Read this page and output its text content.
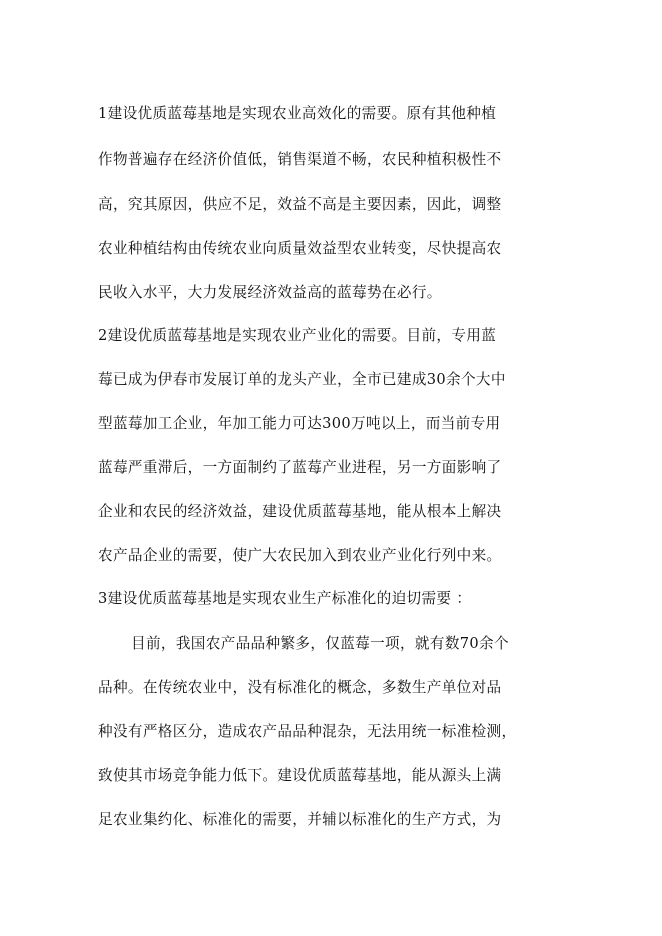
1建设优质蓝莓基地是实现农业高效化的需要。原有其他种植
作物普遍存在经济价值低，销售渠道不畅，农民种植积极性不
高，究其原因，供应不足，效益不高是主要因素，因此，调整
农业种植结构由传统农业向质量效益型农业转变，尽快提高农
民收入水平，大力发展经济效益高的蓝莓势在必行。
2建设优质蓝莓基地是实现农业产业化的需要。目前，专用蓝
莓已成为伊春市发展订单的龙头产业，全市已建成30余个大中
型蓝莓加工企业，年加工能力可达300万吨以上，而当前专用
蓝莓严重滞后，一方面制约了蓝莓产业进程，另一方面影响了
企业和农民的经济效益，建设优质蓝莓基地，能从根本上解决
农产品企业的需要，使广大农民加入到农业产业化行列中来。
3建设优质蓝莓基地是实现农业生产标准化的迫切需要 ：
目前，我国农产品品种繁多，仅蓝莓一项，就有数70余个
品种。在传统农业中，没有标准化的概念，多数生产单位对品
种没有严格区分，造成农产品品种混杂，无法用统一标准检测，
致使其市场竞争能力低下。建设优质蓝莓基地，能从源头上满
足农业集约化、标准化的需要，并辅以标准化的生产方式，为
